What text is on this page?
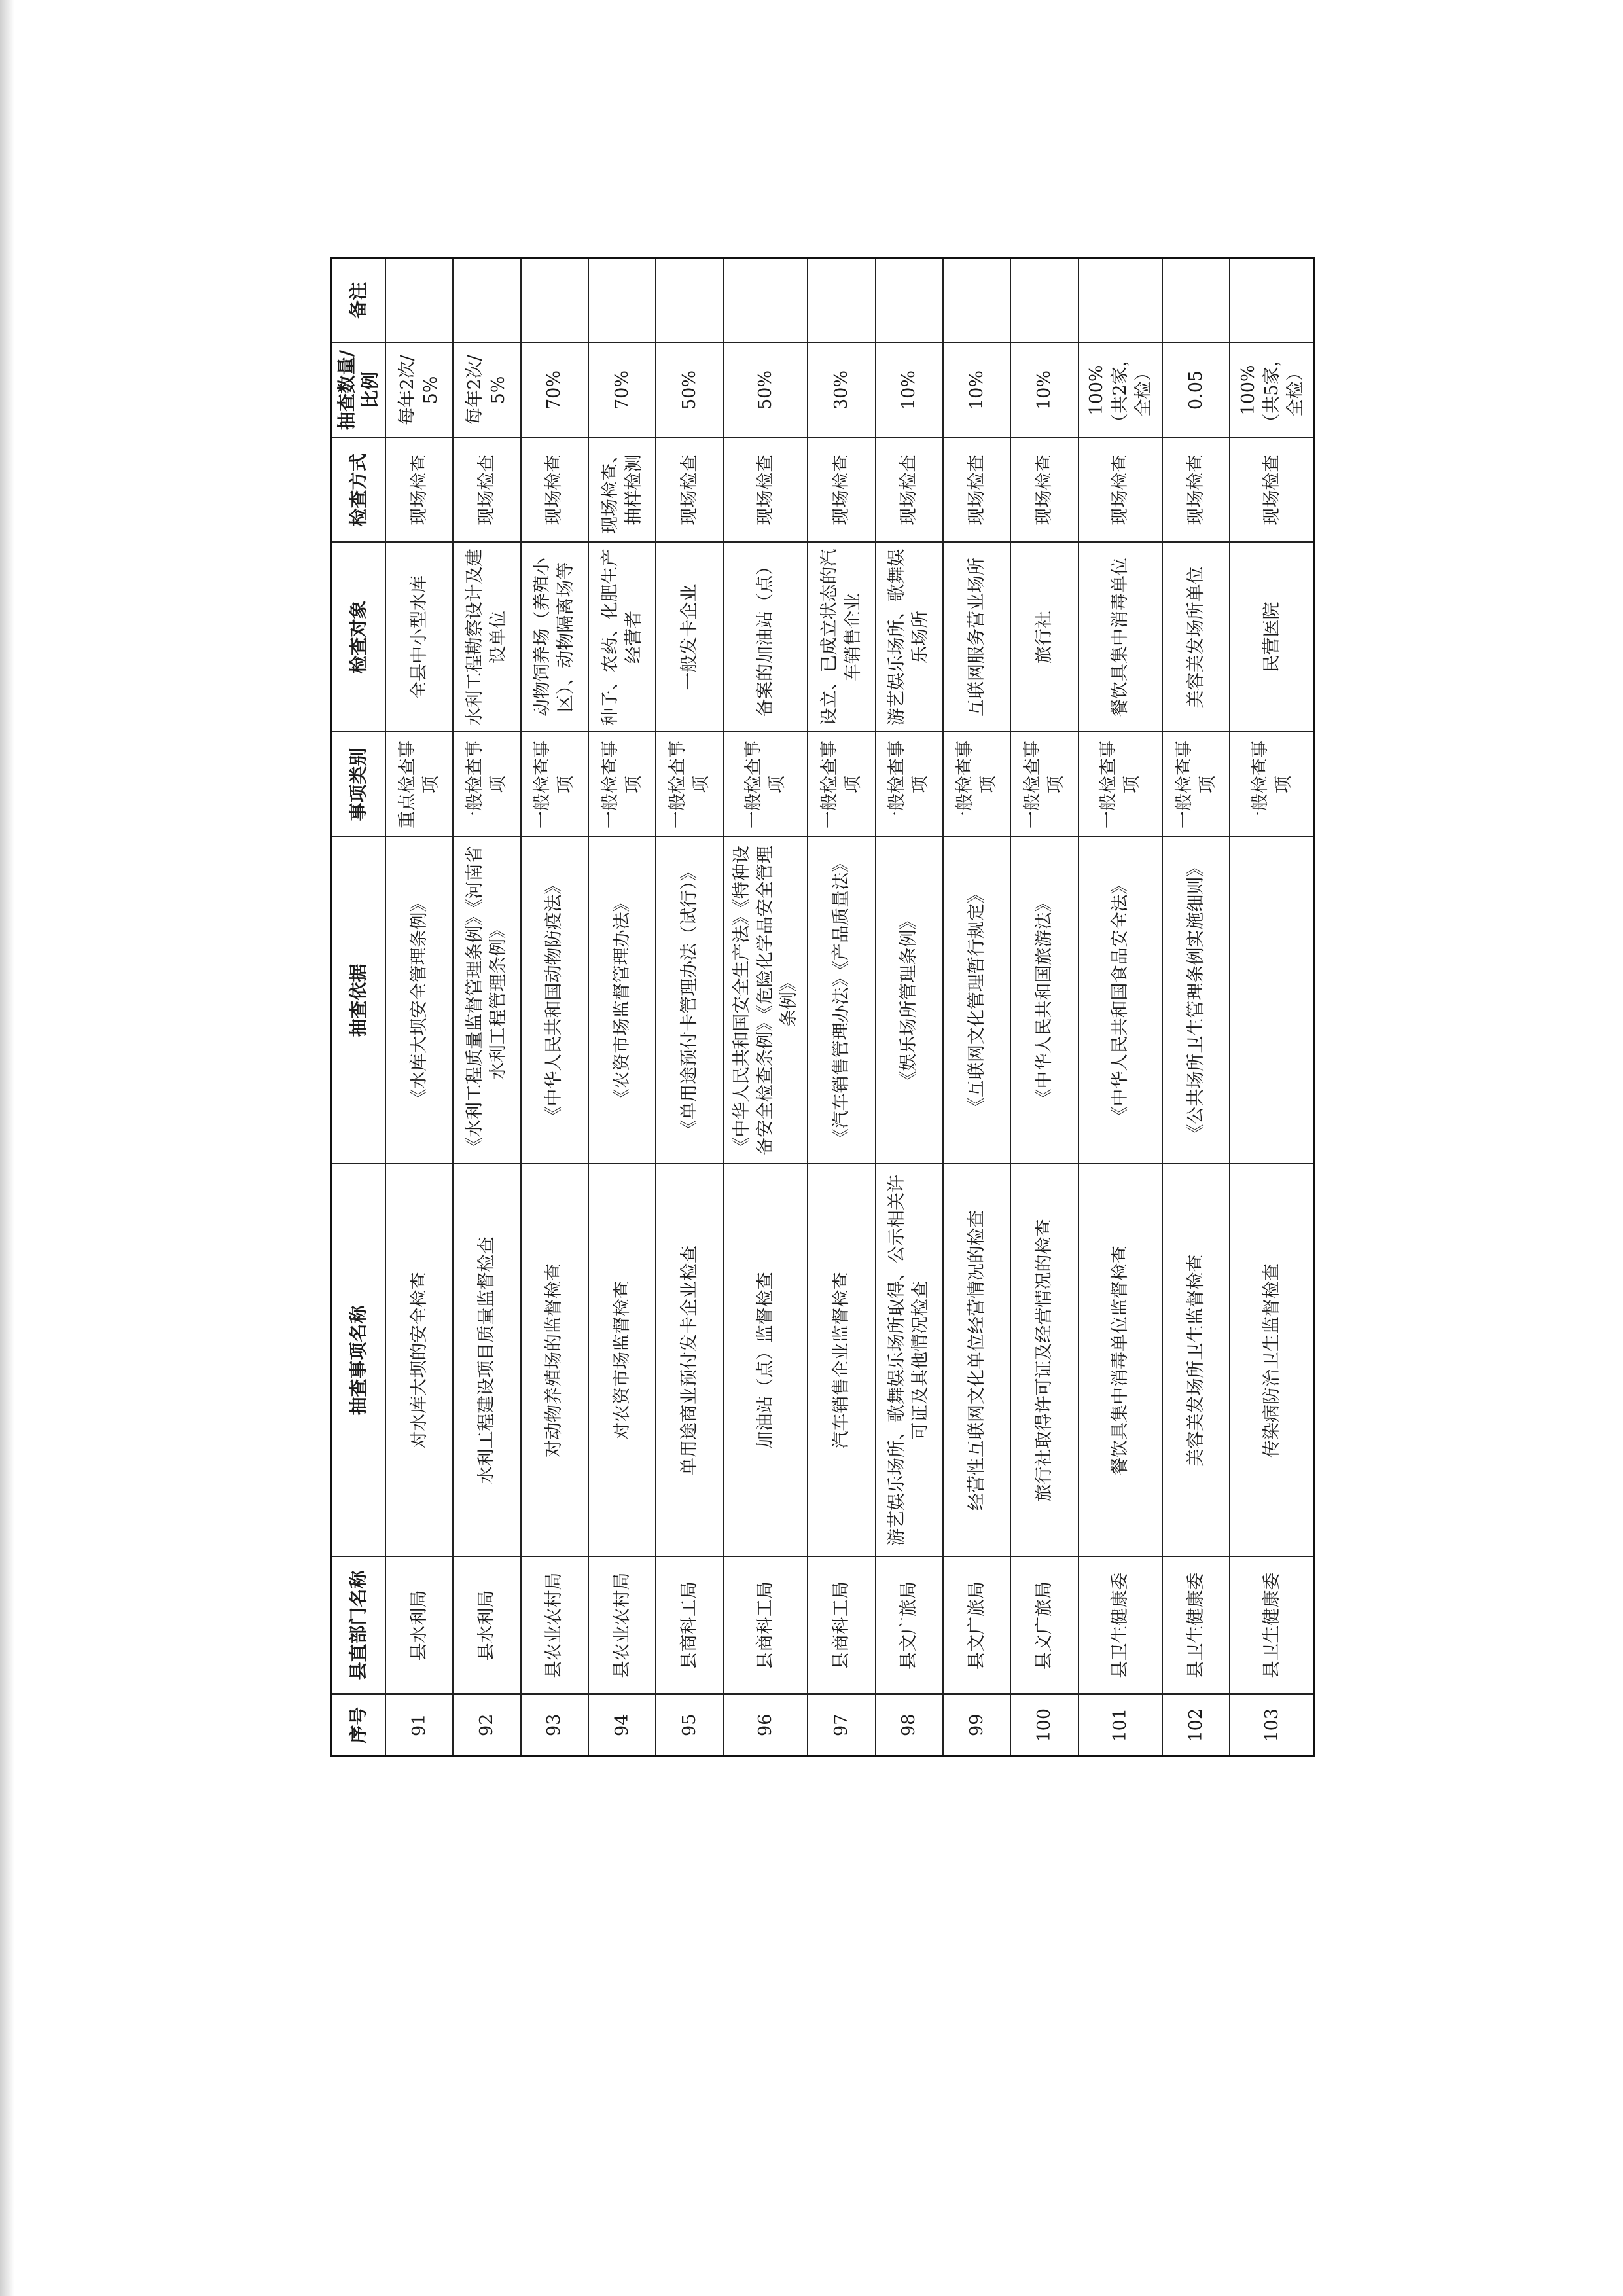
序号	县直部门名称	抽查事项名称	抽查依据	事项类别	检查对象	检查方式	抽查数量/比例	备注
91	县水利局	对水库大坝的安全检查	《水库大坝安全管理条例》	重点检查事项	全县中小型水库	现场检查	每年2次/5%	
92	县水利局	水利工程建设项目质量监督检查	《水利工程质量监督管理条例》《河南省水利工程管理条例》	一般检查事项	水利工程勘察设计及建设单位	现场检查	每年2次/5%	
93	县农业农村局	对动物养殖场的监督检查	《中华人民共和国动物防疫法》	一般检查事项	动物饲养场（养殖小区）、动物隔离场等	现场检查	70%	
94	县农业农村局	对农资市场监督检查	《农资市场监督管理办法》	一般检查事项	种子、农药、化肥生产经营者	现场检查、抽样检测	70%	
95	县商科工局	单用途商业预付发卡企业检查	《单用途预付卡管理办法（试行）》	一般检查事项	一般发卡企业	现场检查	50%	
96	县商科工局	加油站（点）监督检查	《中华人民共和国安全生产法》《特种设备安全检查条例》《危险化学品安全管理条例》	一般检查事项	备案的加油站（点）	现场检查	50%	
97	县商科工局	汽车销售企业监督检查	《汽车销售管理办法》《产品质量法》	一般检查事项	设立、已成立状态的汽车销售企业	现场检查	30%	
98	县文广旅局	游艺娱乐场所、歌舞娱乐场所取得、公示相关许可证及其他情况检查	《娱乐场所管理条例》	一般检查事项	游艺娱乐场所、歌舞娱乐场所	现场检查	10%	
99	县文广旅局	经营性互联网文化单位经营情况的检查	《互联网文化管理暂行规定》	一般检查事项	互联网服务营业场所	现场检查	10%	
100	县文广旅局	旅行社取得许可证及经营情况的检查	《中华人民共和国旅游法》	一般检查事项	旅行社	现场检查	10%	
101	县卫生健康委	餐饮具集中消毒单位监督检查	《中华人民共和国食品安全法》	一般检查事项	餐饮具集中消毒单位	现场检查	100%（共2家，全检）	
102	县卫生健康委	美容美发场所卫生监督检查	《公共场所卫生管理条例实施细则》	一般检查事项	美容美发场所单位	现场检查	0.05	
103	县卫生健康委	传染病防治卫生监督检查		一般检查事项	民营医院	现场检查	100%（共5家，全检）	
